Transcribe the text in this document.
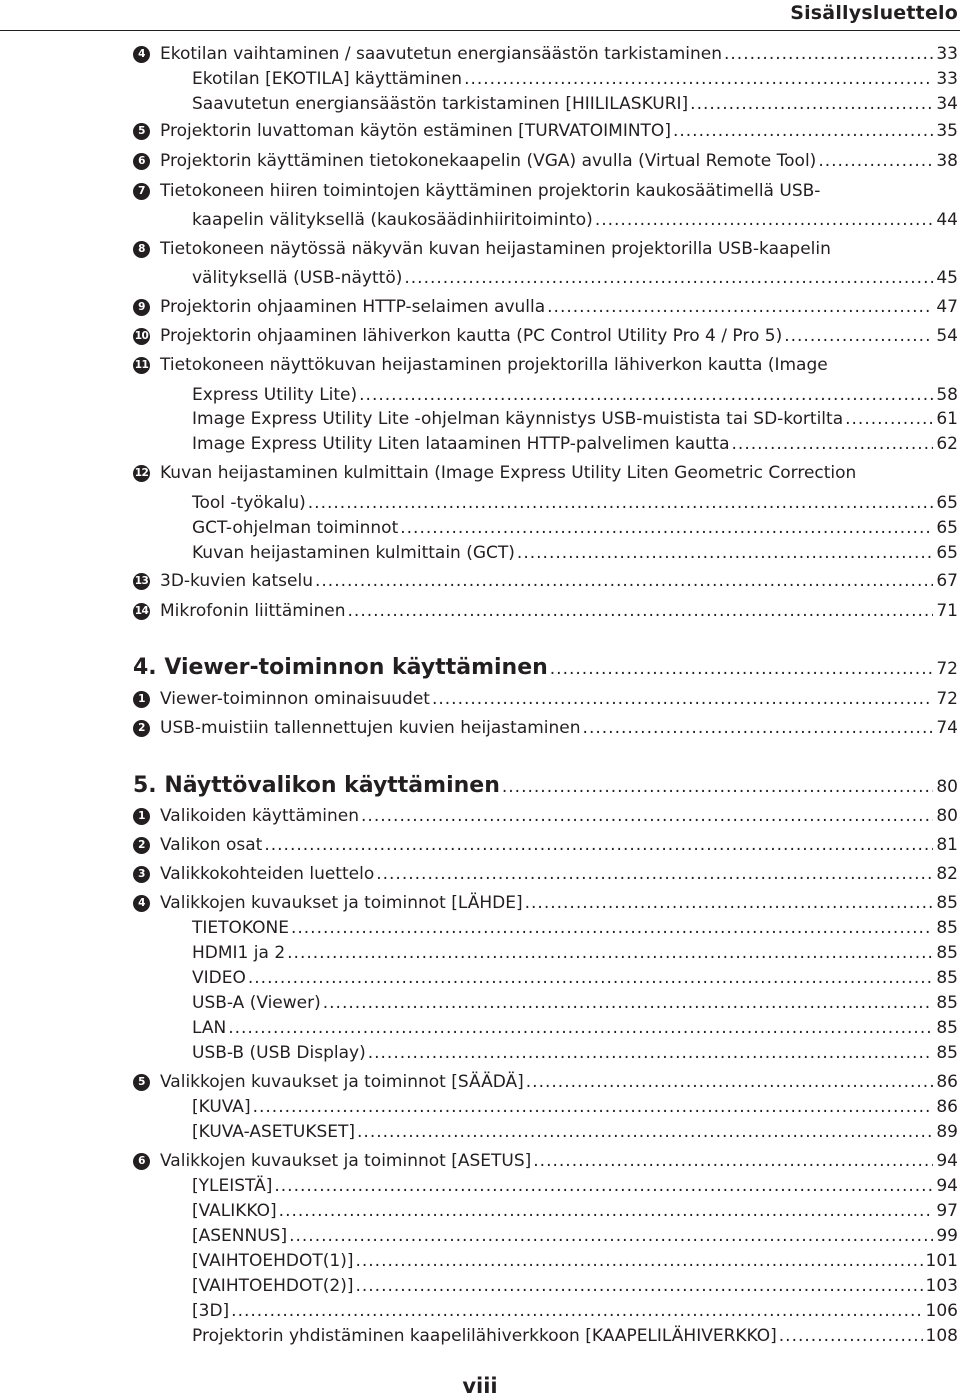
Sisällysluettelo
4 Ekotilan vaihtaminen / saavutetun energiansäästön tarkistaminen .....	33
Ekotilan [EKOTILA] käyttäminen .....	33
Saavutetun energiansäästön tarkistaminen [HIILILASKURI] .....	34
5 Projektorin luvattoman käytön estäminen [TURVATOIMINTO] .....	35
6 Projektorin käyttäminen tietokonekaapelin (VGA) avulla (Virtual Remote Tool) .....	38
7 Tietokoneen hiiren toimintojen käyttäminen projektorin kaukosäätimellä USB-
kaapelin välityksellä (kaukosäädinhiiritoiminto) .....	44
8 Tietokoneen näytössä näkyvän kuvan heijastaminen projektorilla USB-kaapelin
välityksellä (USB-näyttö) .....	45
9 Projektorin ohjaaminen HTTP-selaimen avulla .....	47
10 Projektorin ohjaaminen lähiverkon kautta (PC Control Utility Pro 4 / Pro 5) .....	54
11 Tietokoneen näyttökuvan heijastaminen projektorilla lähiverkon kautta (Image
Express Utility Lite) .....	58
Image Express Utility Lite -ohjelman käynnistys USB-muistista tai SD-kortilta .....	61
Image Express Utility Liten lataaminen HTTP-palvelimen kautta .....	62
12 Kuvan heijastaminen kulmittain (Image Express Utility Liten Geometric Correction
Tool -työkalu) .....	65
GCT-ohjelman toiminnot .....	65
Kuvan heijastaminen kulmittain (GCT) .....	65
13 3D-kuvien katselu .....	67
14 Mikrofonin liittäminen .....	71
4. Viewer-toiminnon käyttäminen .....	72
1 Viewer-toiminnon ominaisuudet .....	72
2 USB-muistiin tallennettujen kuvien heijastaminen .....	74
5. Näyttövalikon käyttäminen .....	80
1 Valikoiden käyttäminen .....	80
2 Valikon osat .....	81
3 Valikkokohteiden luettelo .....	82
4 Valikkojen kuvaukset ja toiminnot [LÄHDE] .....	85
TIETOKONE .....	85
HDMI1 ja 2 .....	85
VIDEO .....	85
USB-A (Viewer) .....	85
LAN .....	85
USB-B (USB Display) .....	85
5 Valikkojen kuvaukset ja toiminnot [SÄÄDÄ] .....	86
[KUVA] .....	86
[KUVA-ASETUKSET] .....	89
6 Valikkojen kuvaukset ja toiminnot [ASETUS] .....	94
[YLEISTÄ] .....	94
[VALIKKO] .....	97
[ASENNUS] .....	99
[VAIHTOEHDOT(1)] .....	101
[VAIHTOEHDOT(2)] .....	103
[3D] .....	106
Projektorin yhdistäminen kaapelilähiverkkoon [KAAPELILÄHIVERKKO] .....	108
viii
